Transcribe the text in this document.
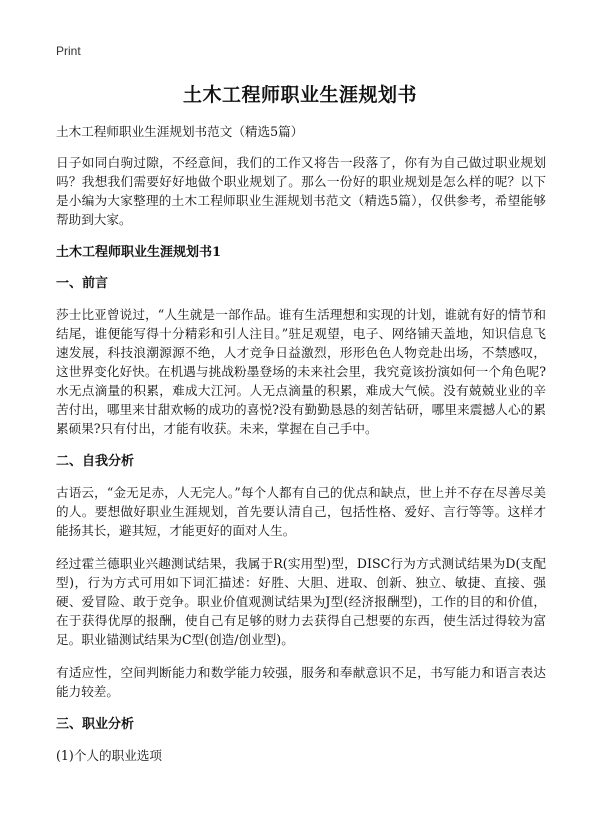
Print
土木工程师职业生涯规划书

土木工程师职业生涯规划书范文（精选5篇）

日子如同白驹过隙，不经意间，我们的工作又将告一段落了，你有为自己做过职业规划吗？我想我们需要好好地做个职业规划了。那么一份好的职业规划是怎么样的呢？以下是小编为大家整理的土木工程师职业生涯规划书范文（精选5篇），仅供参考，希望能够帮助到大家。

土木工程师职业生涯规划书1
一、前言

莎士比亚曾说过，“人生就是一部作品。谁有生活理想和实现的计划，谁就有好的情节和结尾，谁便能写得十分精彩和引人注目。”驻足观望，电子、网络铺天盖地，知识信息飞速发展，科技浪潮源源不绝，人才竞争日益激烈，形形色色人物竞赴出场，不禁感叹，这世界变化好快。在机遇与挑战粉墨登场的未来社会里，我究竟该扮演如何一个角色呢?水无点滴量的积累，难成大江河。人无点滴量的积累，难成大气候。没有兢兢业业的辛苦付出，哪里来甘甜欢畅的成功的喜悦?没有勤勤恳恳的刻苦钻研，哪里来震撼人心的累累硕果?只有付出，才能有收获。未来，掌握在自己手中。

二、自我分析

古语云，“金无足赤，人无完人。”每个人都有自己的优点和缺点，世上并不存在尽善尽美的人。要想做好职业生涯规划，首先要认清自己，包括性格、爱好、言行等等。这样才能扬其长，避其短，才能更好的面对人生。

经过霍兰德职业兴趣测试结果，我属于R(实用型)型，DISC行为方式测试结果为D(支配型)，行为方式可用如下词汇描述：好胜、大胆、进取、创新、独立、敏捷、直接、强硬、爱冒险、敢于竞争。职业价值观测试结果为J型(经济报酬型)，工作的目的和价值，在于获得优厚的报酬，使自己有足够的财力去获得自己想要的东西，使生活过得较为富足。职业锚测试结果为C型(创造/创业型)。

有适应性，空间判断能力和数学能力较强，服务和奉献意识不足，书写能力和语言表达能力较差。

三、职业分析

(1)个人的职业选项
